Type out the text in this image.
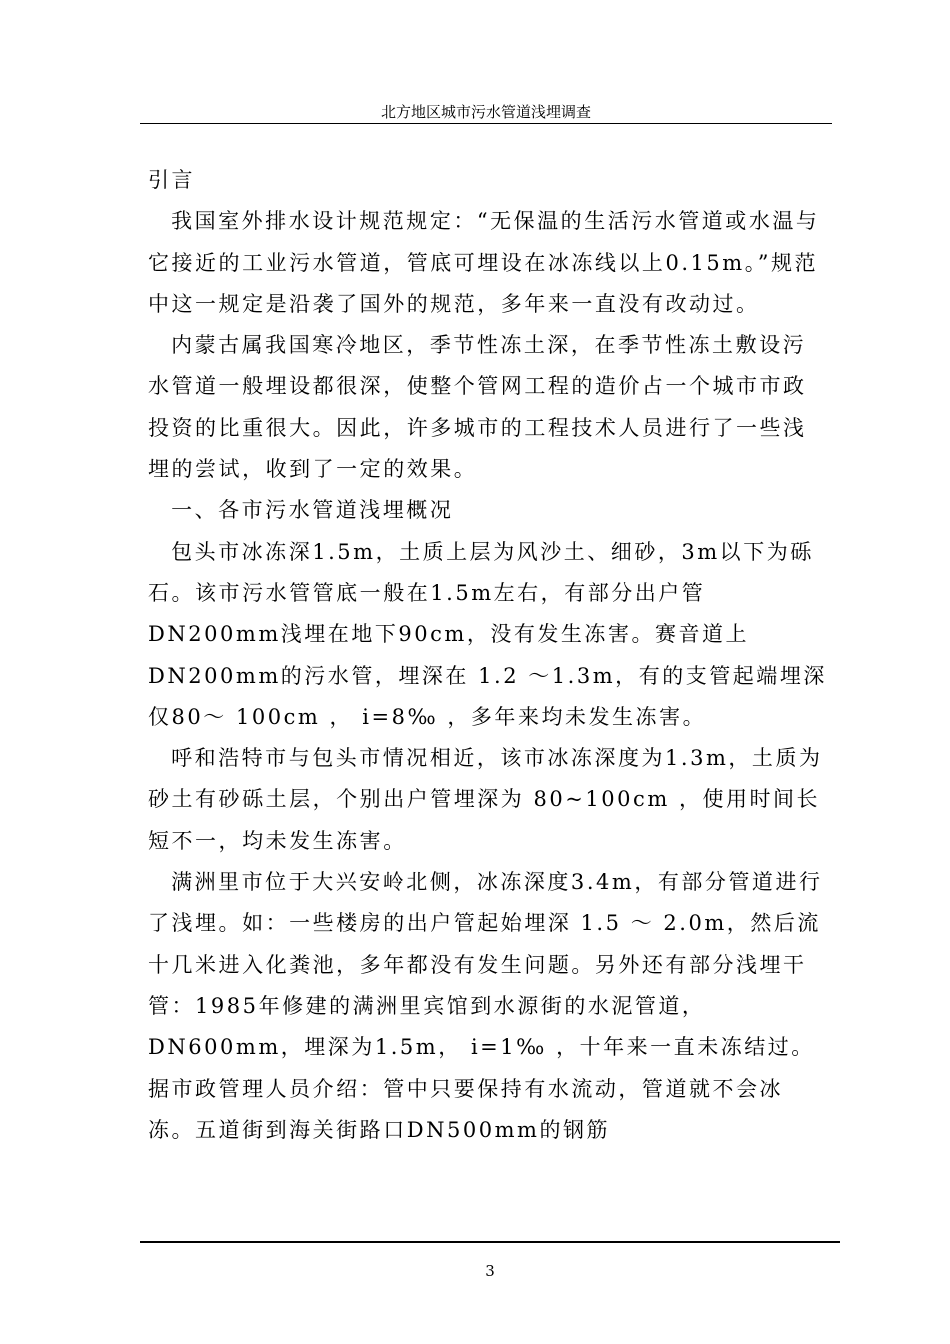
北方地区城市污水管道浅埋调查

引言

我国室外排水设计规范规定：“无保温的生活污水管道或水温与它接近的工业污水管道，管底可埋设在冰冻线以上0.15m。”规范中这一规定是沿袭了国外的规范，多年来一直没有改动过。

内蒙古属我国寒冷地区，季节性冻土深，在季节性冻土敷设污水管道一般埋设都很深，使整个管网工程的造价占一个城市市政投资的比重很大。因此，许多城市的工程技术人员进行了一些浅埋的尝试，收到了一定的效果。

一、各市污水管道浅埋概况

包头市冰冻深1.5m，土质上层为风沙土、细砂，3m以下为砾石。该市污水管管底一般在1.5m左右，有部分出户管DN200mm浅埋在地下90cm，没有发生冻害。赛音道上DN200mm的污水管，埋深在 1.2 ～1.3m，有的支管起端埋深仅80～ 100cm ， i=8‰ ，多年来均未发生冻害。

呼和浩特市与包头市情况相近，该市冰冻深度为1.3m，土质为砂土有砂砾土层，个别出户管埋深为 80~100cm ，使用时间长短不一，均未发生冻害。

满洲里市位于大兴安岭北侧，冰冻深度3.4m，有部分管道进行了浅埋。如：一些楼房的出户管起始埋深 1.5 ～ 2.0m，然后流十几米进入化粪池，多年都没有发生问题。另外还有部分浅埋干管：1985年修建的满洲里宾馆到水源街的水泥管道，DN600mm，埋深为1.5m， i=1‰ ，十年来一直未冻结过。据市政管理人员介绍：管中只要保持有水流动，管道就不会冰冻。五道街到海关街路口DN500mm的钢筋

3
